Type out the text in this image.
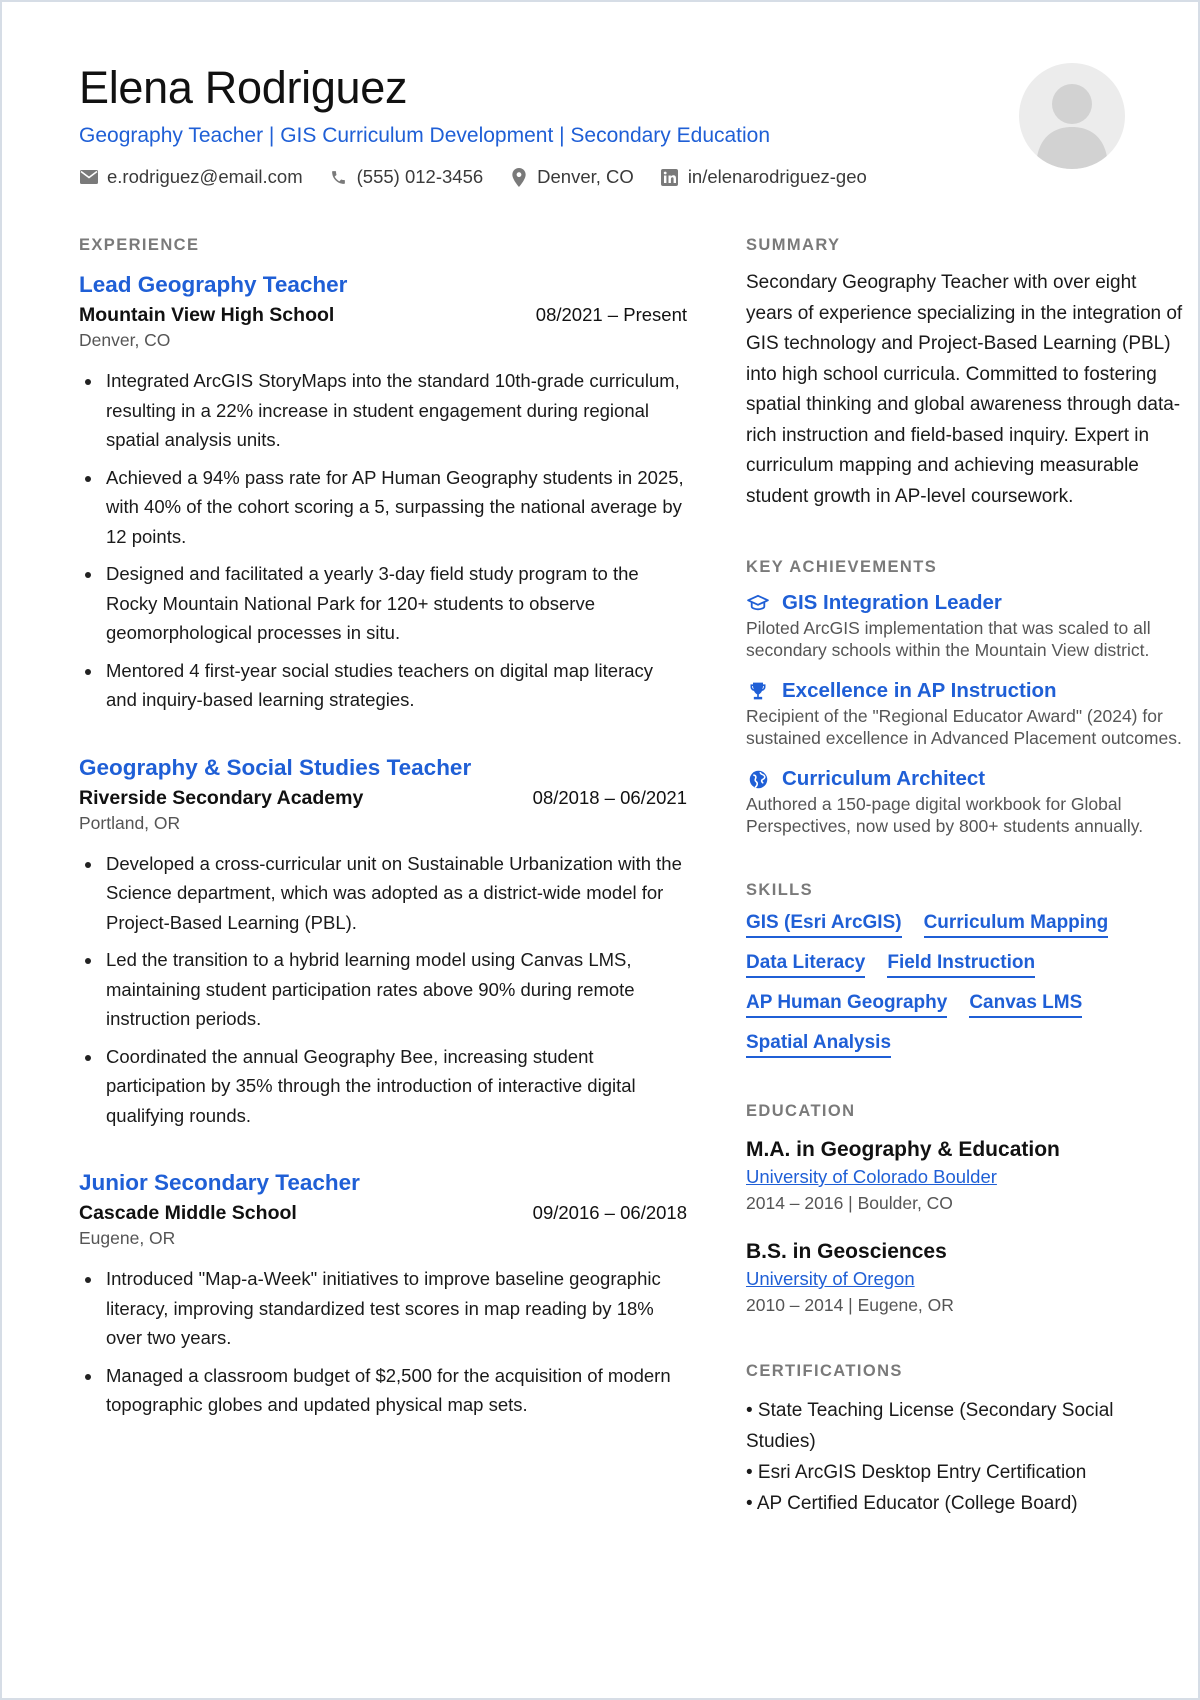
Elena Rodriguez
Geography Teacher | GIS Curriculum Development | Secondary Education
e.rodriguez@email.com	(555) 012-3456	Denver, CO	in/elenarodriguez-geo
EXPERIENCE
Lead Geography Teacher
Mountain View High School	08/2021 – Present
Denver, CO
Integrated ArcGIS StoryMaps into the standard 10th-grade curriculum, resulting in a 22% increase in student engagement during regional spatial analysis units.
Achieved a 94% pass rate for AP Human Geography students in 2025, with 40% of the cohort scoring a 5, surpassing the national average by 12 points.
Designed and facilitated a yearly 3-day field study program to the Rocky Mountain National Park for 120+ students to observe geomorphological processes in situ.
Mentored 4 first-year social studies teachers on digital map literacy and inquiry-based learning strategies.
Geography & Social Studies Teacher
Riverside Secondary Academy	08/2018 – 06/2021
Portland, OR
Developed a cross-curricular unit on Sustainable Urbanization with the Science department, which was adopted as a district-wide model for Project-Based Learning (PBL).
Led the transition to a hybrid learning model using Canvas LMS, maintaining student participation rates above 90% during remote instruction periods.
Coordinated the annual Geography Bee, increasing student participation by 35% through the introduction of interactive digital qualifying rounds.
Junior Secondary Teacher
Cascade Middle School	09/2016 – 06/2018
Eugene, OR
Introduced "Map-a-Week" initiatives to improve baseline geographic literacy, improving standardized test scores in map reading by 18% over two years.
Managed a classroom budget of $2,500 for the acquisition of modern topographic globes and updated physical map sets.
SUMMARY
Secondary Geography Teacher with over eight years of experience specializing in the integration of GIS technology and Project-Based Learning (PBL) into high school curricula. Committed to fostering spatial thinking and global awareness through data-rich instruction and field-based inquiry. Expert in curriculum mapping and achieving measurable student growth in AP-level coursework.
KEY ACHIEVEMENTS
GIS Integration Leader
Piloted ArcGIS implementation that was scaled to all secondary schools within the Mountain View district.
Excellence in AP Instruction
Recipient of the "Regional Educator Award" (2024) for sustained excellence in Advanced Placement outcomes.
Curriculum Architect
Authored a 150-page digital workbook for Global Perspectives, now used by 800+ students annually.
SKILLS
GIS (Esri ArcGIS) Curriculum Mapping
Data Literacy Field Instruction
AP Human Geography Canvas LMS
Spatial Analysis
EDUCATION
M.A. in Geography & Education
University of Colorado Boulder
2014 – 2016 | Boulder, CO
B.S. in Geosciences
University of Oregon
2010 – 2014 | Eugene, OR
CERTIFICATIONS
• State Teaching License (Secondary Social Studies)
• Esri ArcGIS Desktop Entry Certification
• AP Certified Educator (College Board)
